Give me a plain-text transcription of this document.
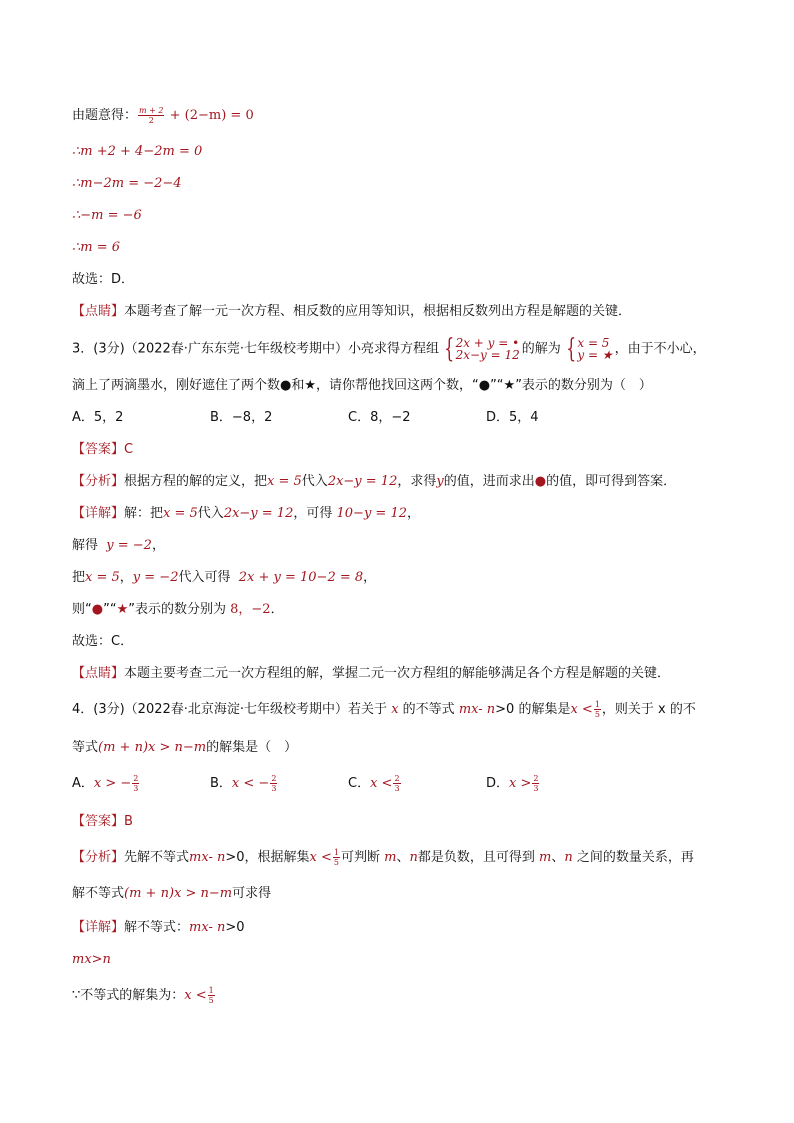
由题意得： $\frac{m + 2}{2} + (2-m) = 0$
∴m +2 + 4−2m = 0
∴m−2m = −2−4
∴−m = −6
∴m = 6
故选：D．
【点睛】本题考查了解一元一次方程、相反数的应用等知识，根据相反数列出方程是解题的关键．
3．(3分)（2022春·广东东莞·七年级校考期中）小亮求得方程组 { 2x + y = •
2x−y = 12 的解为 { x = 5
y = ★ ，由于不小心，
滴上了两滴墨水，刚好遮住了两个数●和★，请你帮他找回这两个数，“●”“★”表示的数分别为（　）
A．5，2	B．−8，2	C．8，−2	D．5，4
【答案】C
【分析】根据方程的解的定义，把x = 5代入2x−y = 12，求得y的值，进而求出●的值，即可得到答案．
【详解】解：把x = 5代入2x−y = 12，可得 10−y = 12，
解得 y = −2，
把x = 5，y = −2代入可得 2x + y = 10−2 = 8，
则“●”“★”表示的数分别为 8，−2．
故选：C．
【点睛】本题主要考查二元一次方程组的解，掌握二元一次方程组的解能够满足各个方程是解题的关键．
4．(3分)（2022春·北京海淀·七年级校考期中）若关于 x 的不等式 mx- n>0 的解集是$x < \frac{1}{5}$ ，则关于 x 的不
等式(m + n)x > n−m的解集是（　）
A．x > − $\frac{2}{3}$	B．x < − $\frac{2}{3}$	C．$x < \frac{2}{3}$	D．$x > \frac{2}{3}$
【答案】B
【分析】先解不等式mx- n>0，根据解集$x < \frac{1}{5}$ 可判断 m、n都是负数，且可得到 m、n 之间的数量关系，再
解不等式(m + n)x > n−m可求得
【详解】解不等式：mx- n>0
mx>n
∵不等式的解集为：$x < \frac{1}{5}$
